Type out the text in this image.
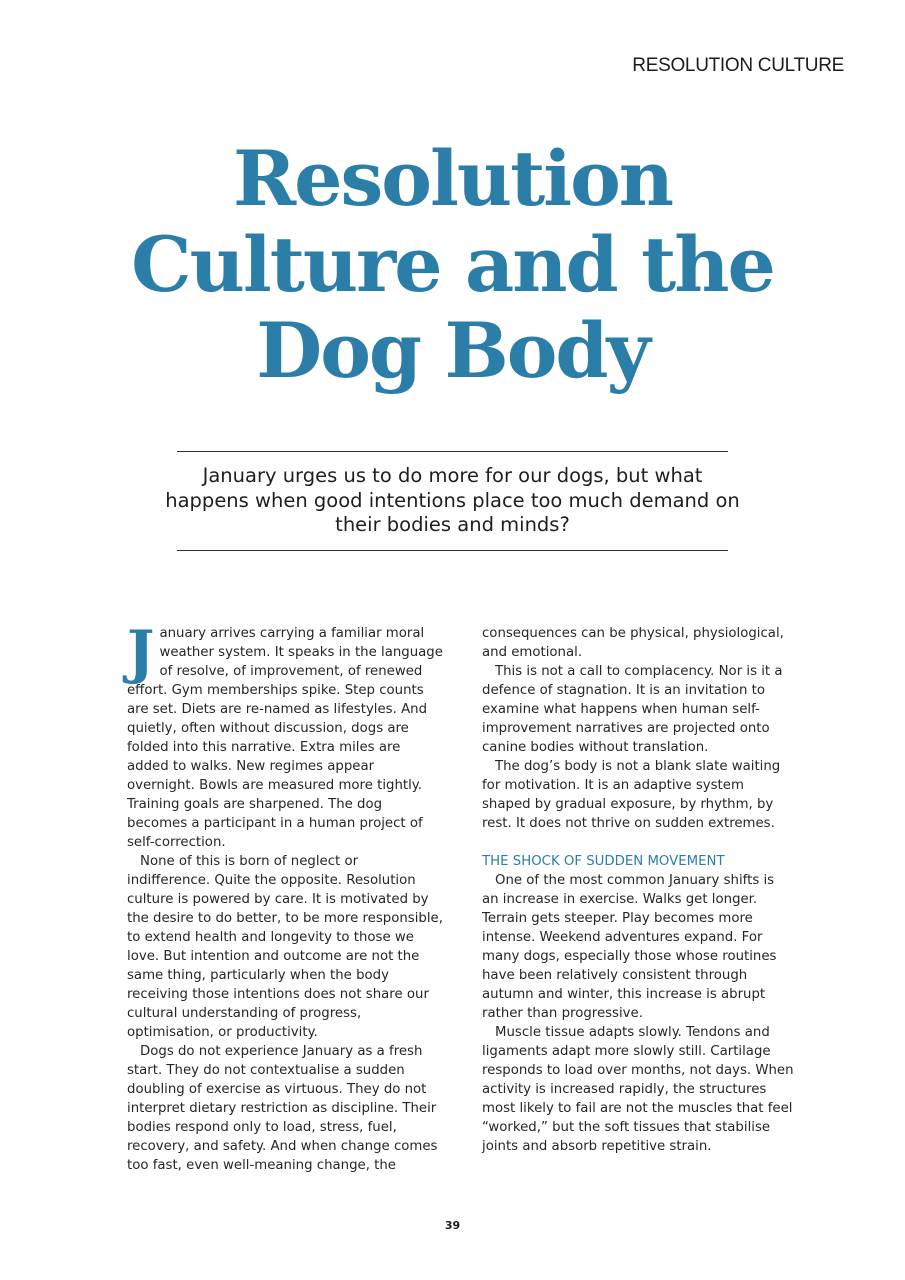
RESOLUTION CULTURE
Resolution
Culture and the
Dog Body

January urges us to do more for our dogs, but what happens when good intentions place too much demand on their bodies and minds?

January arrives carrying a familiar moral weather system. It speaks in the language of resolve, of improvement, of renewed effort. Gym memberships spike. Step counts are set. Diets are re-named as lifestyles. And quietly, often without discussion, dogs are folded into this narrative. Extra miles are added to walks. New regimes appear overnight. Bowls are measured more tightly. Training goals are sharpened. The dog becomes a participant in a human project of self-correction.

None of this is born of neglect or indifference. Quite the opposite. Resolution culture is powered by care. It is motivated by the desire to do better, to be more responsible, to extend health and longevity to those we love. But intention and outcome are not the same thing, particularly when the body receiving those intentions does not share our cultural understanding of progress, optimisation, or productivity.

Dogs do not experience January as a fresh start. They do not contextualise a sudden doubling of exercise as virtuous. They do not interpret dietary restriction as discipline. Their bodies respond only to load, stress, fuel, recovery, and safety. And when change comes too fast, even well-meaning change, the

consequences can be physical, physiological, and emotional.

This is not a call to complacency. Nor is it a defence of stagnation. It is an invitation to examine what happens when human self-improvement narratives are projected onto canine bodies without translation.

The dog’s body is not a blank slate waiting for motivation. It is an adaptive system shaped by gradual exposure, by rhythm, by rest. It does not thrive on sudden extremes.

THE SHOCK OF SUDDEN MOVEMENT

One of the most common January shifts is an increase in exercise. Walks get longer. Terrain gets steeper. Play becomes more intense. Weekend adventures expand. For many dogs, especially those whose routines have been relatively consistent through autumn and winter, this increase is abrupt rather than progressive.

Muscle tissue adapts slowly. Tendons and ligaments adapt more slowly still. Cartilage responds to load over months, not days. When activity is increased rapidly, the structures most likely to fail are not the muscles that feel “worked,” but the soft tissues that stabilise joints and absorb repetitive strain.

39
